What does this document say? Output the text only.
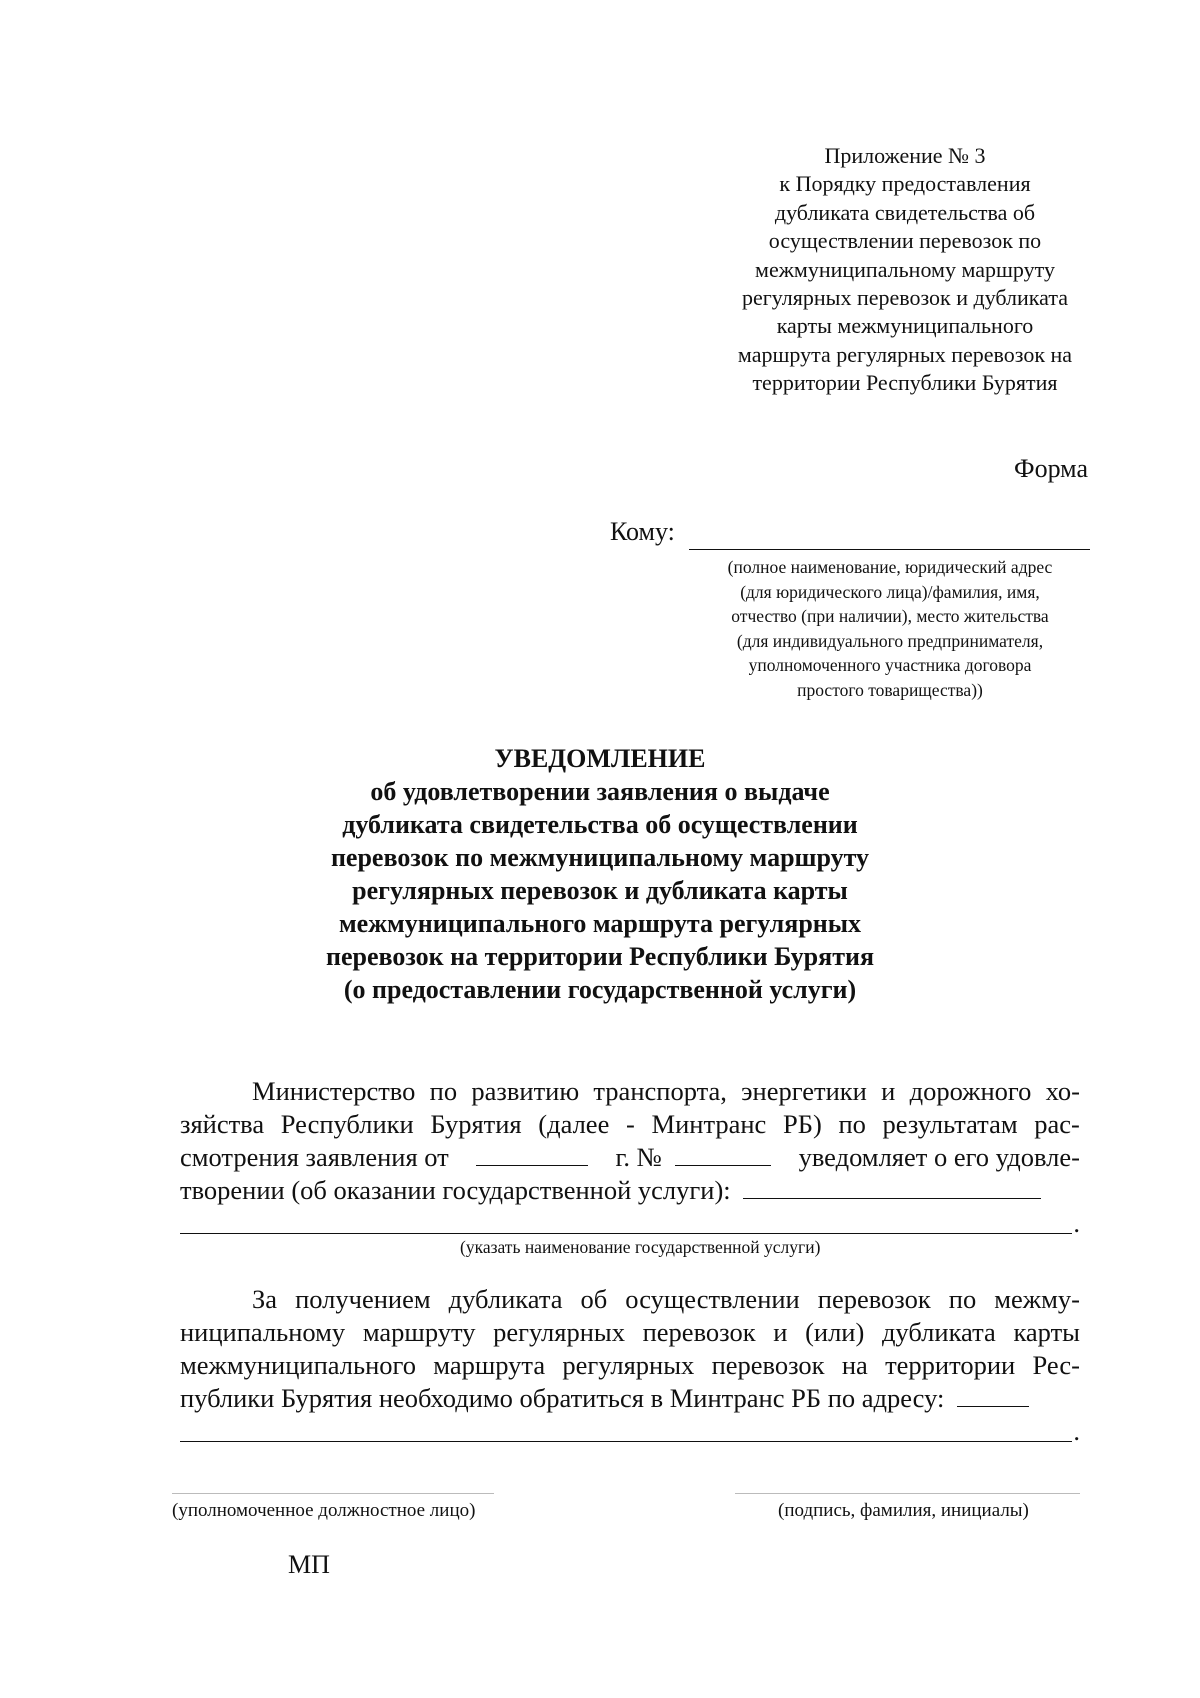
Приложение № 3
к Порядку предоставления
дубликата свидетельства об
осуществлении перевозок по
межмуниципальному маршруту
регулярных перевозок и дубликата
карты межмуниципального
маршрута регулярных перевозок на
территории Республики Бурятия
Форма
Кому:
(полное наименование, юридический адрес
(для юридического лица)/фамилия, имя,
отчество (при наличии), место жительства
(для индивидуального предпринимателя,
уполномоченного участника договора
простого товарищества))
УВЕДОМЛЕНИЕ
об удовлетворении заявления о выдаче
дубликата свидетельства об осуществлении
перевозок по межмуниципальному маршруту
регулярных перевозок и дубликата карты
межмуниципального маршрута регулярных
перевозок на территории Республики Бурятия
(о предоставлении государственной услуги)
Министерство по развитию транспорта, энергетики и дорожного хо-
зяйства Республики Бурятия (далее - Минтранс РБ) по результатам рас-
смотрения заявления от	г. №	уведомляет о его удовле-
творении (об оказании государственной услуги):
.
(указать наименование государственной услуги)
За получением дубликата об осуществлении перевозок по межму-
ниципальному маршруту регулярных перевозок и (или) дубликата карты
межмуниципального маршрута регулярных перевозок на территории Рес-
публики Бурятия необходимо обратиться в Минтранс РБ по адресу:
.
(уполномоченное должностное лицо)	(подпись, фамилия, инициалы)
МП
